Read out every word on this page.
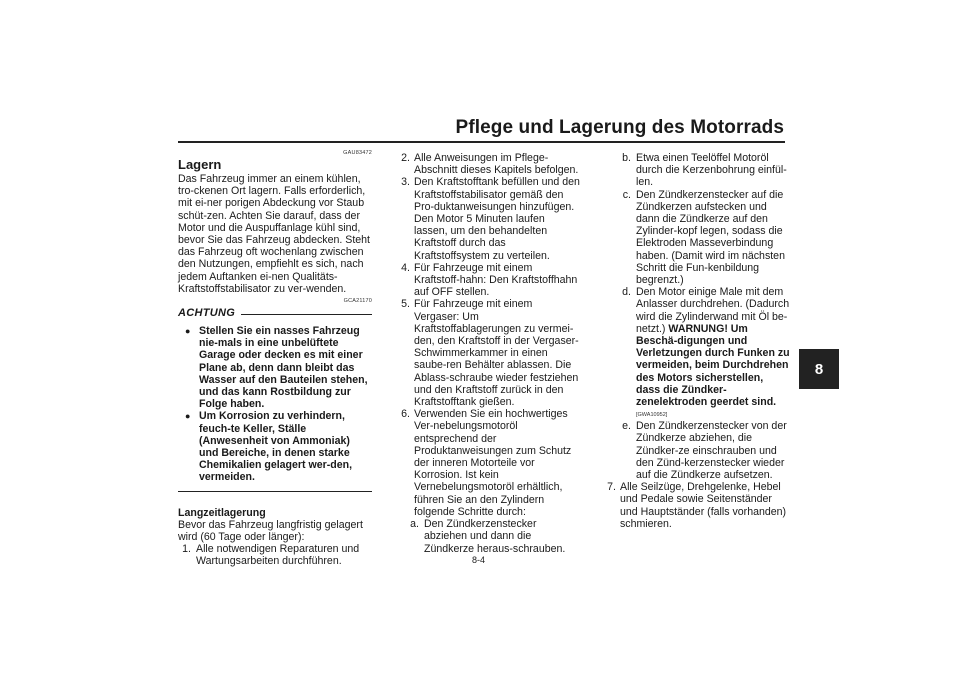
Pflege und Lagerung des Motorrads
8
8-4
GAU83472
Lagern

Das Fahrzeug immer an einem kühlen, tro-ckenen Ort lagern. Falls erforderlich, mit ei-ner porigen Abdeckung vor Staub schüt-zen. Achten Sie darauf, dass der Motor und die Auspuffanlage kühl sind, bevor Sie das Fahrzeug abdecken. Steht das Fahrzeug oft wochenlang zwischen den Nutzungen, empfiehlt es sich, nach jedem Auftanken ei-nen Qualitäts-Kraftstoffstabilisator zu ver-wenden.

GCA21170
ACHTUNG
● Stellen Sie ein nasses Fahrzeug nie-mals in eine unbelüftete Garage oder decken es mit einer Plane ab, denn dann bleibt das Wasser auf den Bauteilen stehen, und das kann Rostbildung zur Folge haben.
● Um Korrosion zu verhindern, feuch-te Keller, Ställe (Anwesenheit von Ammoniak) und Bereiche, in denen starke Chemikalien gelagert wer-den, vermeiden.
Langzeitlagerung

Bevor das Fahrzeug langfristig gelagert wird (60 Tage oder länger):

1. Alle notwendigen Reparaturen und Wartungsarbeiten durchführen.
2. Alle Anweisungen im Pflege-Abschnitt dieses Kapitels befolgen.
3. Den Kraftstofftank befüllen und den Kraftstoffstabilisator gemäß den Pro-duktanweisungen hinzufügen. Den Motor 5 Minuten laufen lassen, um den behandelten Kraftstoff durch das Kraftstoffsystem zu verteilen.
4. Für Fahrzeuge mit einem Kraftstoff-hahn: Den Kraftstoffhahn auf OFF stellen.
5. Für Fahrzeuge mit einem Vergaser: Um Kraftstoffablagerungen zu vermei-den, den Kraftstoff in der Vergaser-Schwimmerkammer in einen saube-ren Behälter ablassen. Die Ablass-schraube wieder festziehen und den Kraftstoff zurück in den Kraftstofftank gießen.
6. Verwenden Sie ein hochwertiges Ver-nebelungsmotoröl entsprechend der Produktanweisungen zum Schutz der inneren Motorteile vor Korrosion. Ist kein Vernebelungsmotoröl erhältlich, führen Sie an den Zylindern folgende Schritte durch:
a. Den Zündkerzenstecker abziehen und dann die Zündkerze heraus-schrauben.
b. Etwa einen Teelöffel Motoröl durch die Kerzenbohrung einfül-len.
c. Den Zündkerzenstecker auf die Zündkerzen aufstecken und dann die Zündkerze auf den Zylinder-kopf legen, sodass die Elektroden Masseverbindung haben. (Damit wird im nächsten Schritt die Fun-kenbildung begrenzt.)
d. Den Motor einige Male mit dem Anlasser durchdrehen. (Dadurch wird die Zylinderwand mit Öl be-netzt.) WARNUNG! Um Beschä-digungen und Verletzungen durch Funken zu vermeiden, beim Durchdrehen des Motors sicherstellen, dass die Zündker-zenelektroden geerdet sind.
[GWA10952]
e. Den Zündkerzenstecker von der Zündkerze abziehen, die Zündker-ze einschrauben und den Zünd-kerzenstecker wieder auf die Zündkerze aufsetzen.
7. Alle Seilzüge, Drehgelenke, Hebel und Pedale sowie Seitenständer und Hauptständer (falls vorhanden) schmieren.
